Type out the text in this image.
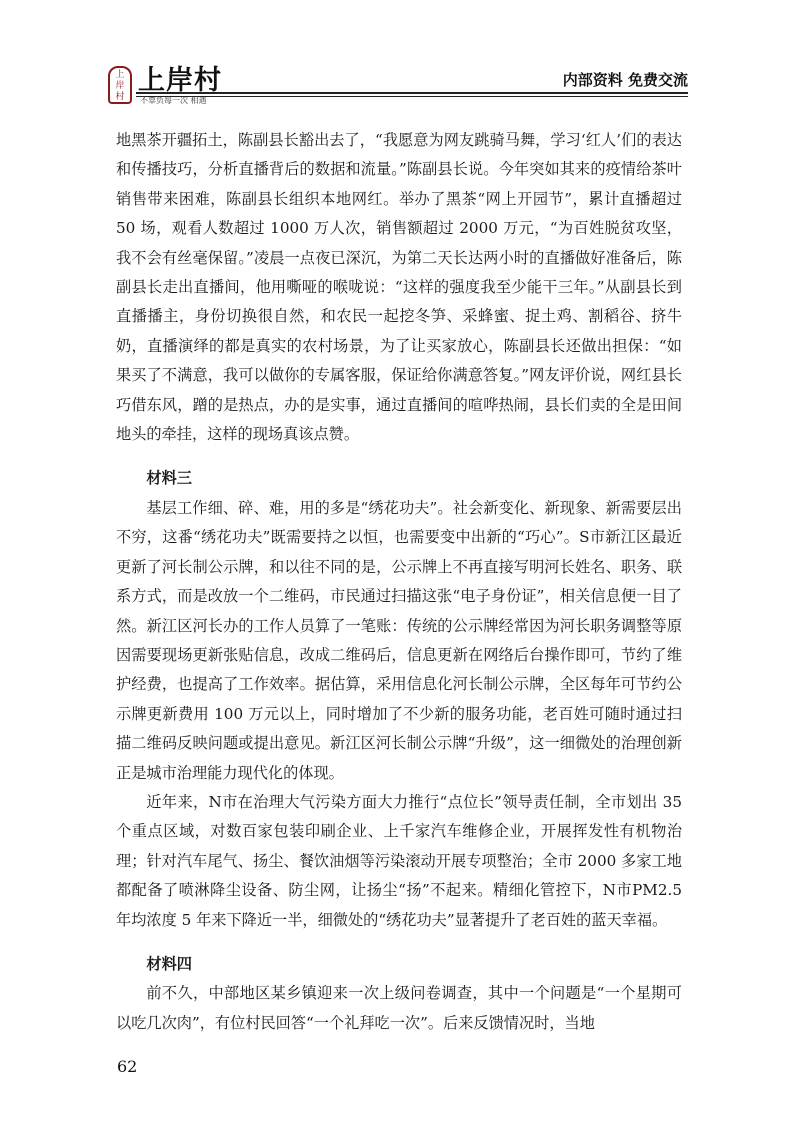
上
岸
村
上岸村
不辜负每一次 相遇
内部资料 免费交流

地黑茶开疆拓土，陈副县长豁出去了，“我愿意为网友跳骑马舞，学习‘红人’们的表达和传播技巧，分析直播背后的数据和流量。”陈副县长说。今年突如其来的疫情给茶叶销售带来困难，陈副县长组织本地网红。举办了黑茶“网上开园节”，累计直播超过 50 场，观看人数超过 1000 万人次，销售额超过 2000 万元，“为百姓脱贫攻坚，我不会有丝毫保留。”凌晨一点夜已深沉，为第二天长达两小时的直播做好准备后，陈副县长走出直播间，他用嘶哑的喉咙说：“这样的强度我至少能干三年。”从副县长到直播播主，身份切换很自然，和农民一起挖冬笋、采蜂蜜、捉土鸡、割稻谷、挤牛奶，直播演绎的都是真实的农村场景，为了让买家放心，陈副县长还做出担保：“如果买了不满意，我可以做你的专属客服，保证给你满意答复。”网友评价说，网红县长巧借东风，蹭的是热点，办的是实事，通过直播间的喧哗热闹，县长们卖的全是田间地头的牵挂，这样的现场真该点赞。

材料三

基层工作细、碎、难，用的多是“绣花功夫”。社会新变化、新现象、新需要层出不穷，这番“绣花功夫”既需要持之以恒，也需要变中出新的“巧心”。S市新江区最近更新了河长制公示牌，和以往不同的是，公示牌上不再直接写明河长姓名、职务、联系方式，而是改放一个二维码，市民通过扫描这张“电子身份证”，相关信息便一目了然。新江区河长办的工作人员算了一笔账：传统的公示牌经常因为河长职务调整等原因需要现场更新张贴信息，改成二维码后，信息更新在网络后台操作即可，节约了维护经费，也提高了工作效率。据估算，采用信息化河长制公示牌，全区每年可节约公示牌更新费用 100 万元以上，同时增加了不少新的服务功能，老百姓可随时通过扫描二维码反映问题或提出意见。新江区河长制公示牌“升级”，这一细微处的治理创新正是城市治理能力现代化的体现。

近年来，N市在治理大气污染方面大力推行“点位长”领导责任制，全市划出 35 个重点区域，对数百家包装印刷企业、上千家汽车维修企业，开展挥发性有机物治理；针对汽车尾气、扬尘、餐饮油烟等污染滚动开展专项整治；全市 2000 多家工地都配备了喷淋降尘设备、防尘网，让扬尘“扬”不起来。精细化管控下，N市PM2.5 年均浓度 5 年来下降近一半，细微处的“绣花功夫”显著提升了老百姓的蓝天幸福。

材料四

前不久，中部地区某乡镇迎来一次上级问卷调查，其中一个问题是“一个星期可以吃几次肉”，有位村民回答“一个礼拜吃一次”。后来反馈情况时，当地

62
